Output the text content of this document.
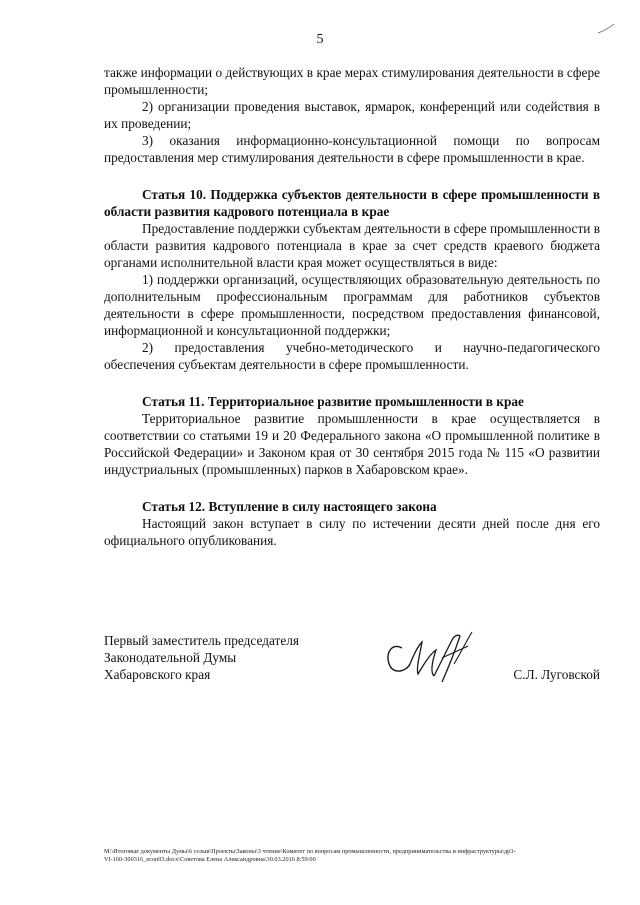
5

также информации о действующих в крае мерах стимулирования деятельности в сфере промышленности;

2) организации проведения выставок, ярмарок, конференций или содействия в их проведении;

3) оказания информационно-консультационной помощи по вопросам предоставления мер стимулирования деятельности в сфере промышленности в крае.

Статья 10. Поддержка субъектов деятельности в сфере промышленности в области развития кадрового потенциала в крае

Предоставление поддержки субъектам деятельности в сфере промышленности в области развития кадрового потенциала в крае за счет средств краевого бюджета органами исполнительной власти края может осуществляться в виде:

1) поддержки организаций, осуществляющих образовательную деятельность по дополнительным профессиональным программам для работников субъектов деятельности в сфере промышленности, посредством предоставления финансовой, информационной и консультационной поддержки;

2) предоставления учебно-методического и научно-педагогического обеспечения субъектам деятельности в сфере промышленности.

Статья 11. Территориальное развитие промышленности в крае

Территориальное развитие промышленности в крае осуществляется в соответствии со статьями 19 и 20 Федерального закона «О промышленной политике в Российской Федерации» и Законом края от 30 сентября 2015 года № 115 «О развитии индустриальных (промышленных) парков в Хабаровском крае».

Статья 12. Вступление в силу настоящего закона

Настоящий закон вступает в силу по истечении десяти дней после дня его официального опубликования.

Первый заместитель председателя
Законодательной Думы
Хабаровского края	С.Л. Луговской
M:\Итоговые документы Думы\6 созыв\Проекты\Законы\3 чтение\Комитет по вопросам промышленности, предпринимательства и инфраструктуры\др3-
VI-160-300316_econ03.docx\Советова Елена Александровна\30.03.2016 8:59:00
